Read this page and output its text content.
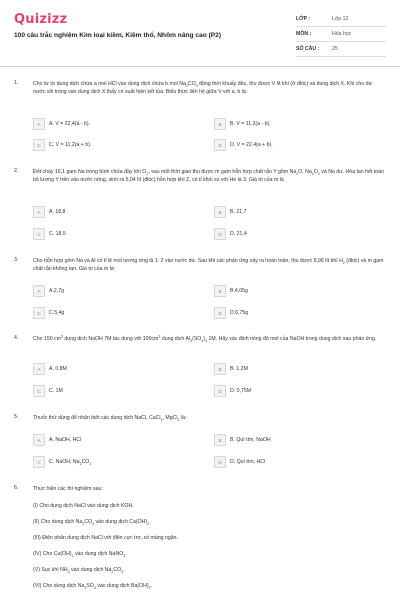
Quizizz
100 câu trắc nghiệm Kim loại kiềm, Kiềm thổ, Nhôm nâng cao (P2)
LỚP :	Lớp 12
MÔN :	Hóa học
SỐ CÂU :	25
1.	Cho từ từ dung dịch chứa a mol HCl vào dung dịch chứa b mol $Na_2CO_3$ đồng thời khuấy đều, thu được V lít khí (ở đktc) và dung dịch X. Khi cho dư nước vôi trong vào dung dịch X thấy có xuất hiện kết tủa. Biểu thức liên hệ giữa V với a, b là:
A	A. V = 22,4(a - b).	B	B. V = 11,2(a - b).
C	C. V = 11,2(a + b).	D	D. V = 22,4(a + b).
2.	Đốt cháy 16,1 gam Na trong bình chứa đầy khí $O_2$, sau một thời gian thu được m gam hỗn hợp chất rắn Y gồm $Na_2O$, $Na_2O_2$ và Na dư. Hòa tan hết toàn bộ lượng Y trên vào nước nóng, sinh ra 5,04 lít (đktc) hỗn hợp khí Z, có tỉ khối so với He là 3. Giá trị của m là
A	A. 18,8	B	B. 21,7
C	C. 18,5	D	D. 21,4
3.	Cho hỗn hợp gồm Na và Al có tỉ lệ mol tương ứng là 1: 2 vào nước dư. Sau khi các phản ứng xảy ra hoàn toàn, thu được 8,96 lít khí $H_2$ (đktc) và m gam chất rắn không tan. Giá trị của m là:
A	A.2,7g	B	B.4,05g
C	C.5,4g	D	D.6,75g
4.	Cho 150 $cm^3$ dung dịch NaOH 7M tác dụng với $100cm^3$ dung dịch $Al_2(SO_4)_3$ 1M. Hãy xác định nồng độ mol của NaOH trong dung dịch sau phản ứng.
A	A. 0,8M	B	B. 1,2M
C	C. 1M	D	D. 0,75M
5.	Thuốc thử dùng để nhận biết các dung dịch NaCl, CaCl$_2$, MgCl$_2$ là:
A	A. NaOH, HCl	B	B. Quì tím, NaOH
C	C. NaOH, $Na_2CO_3$	D	D. Quì tím, HCl
6.	Thực hiện các thí nghiệm sau:
(I) Cho dung dịch NaCl vào dung dịch KOH.
(II) Cho dung dịch $Na_2CO_3$ vào dung dịch $Ca(OH)_2$.
(III) Điện phân dung dịch NaCl với điện cực trơ, có màng ngăn.
(IV) Cho $Cu(OH)_2$ vào dung dịch NaNO$_3$.
(V) Sục khí $NH_3$ vào dung dịch $Na_2CO_3$.
(VI) Cho dung dịch $Na_2SO_4$ vào dung dịch $Ba(OH)_2$.
